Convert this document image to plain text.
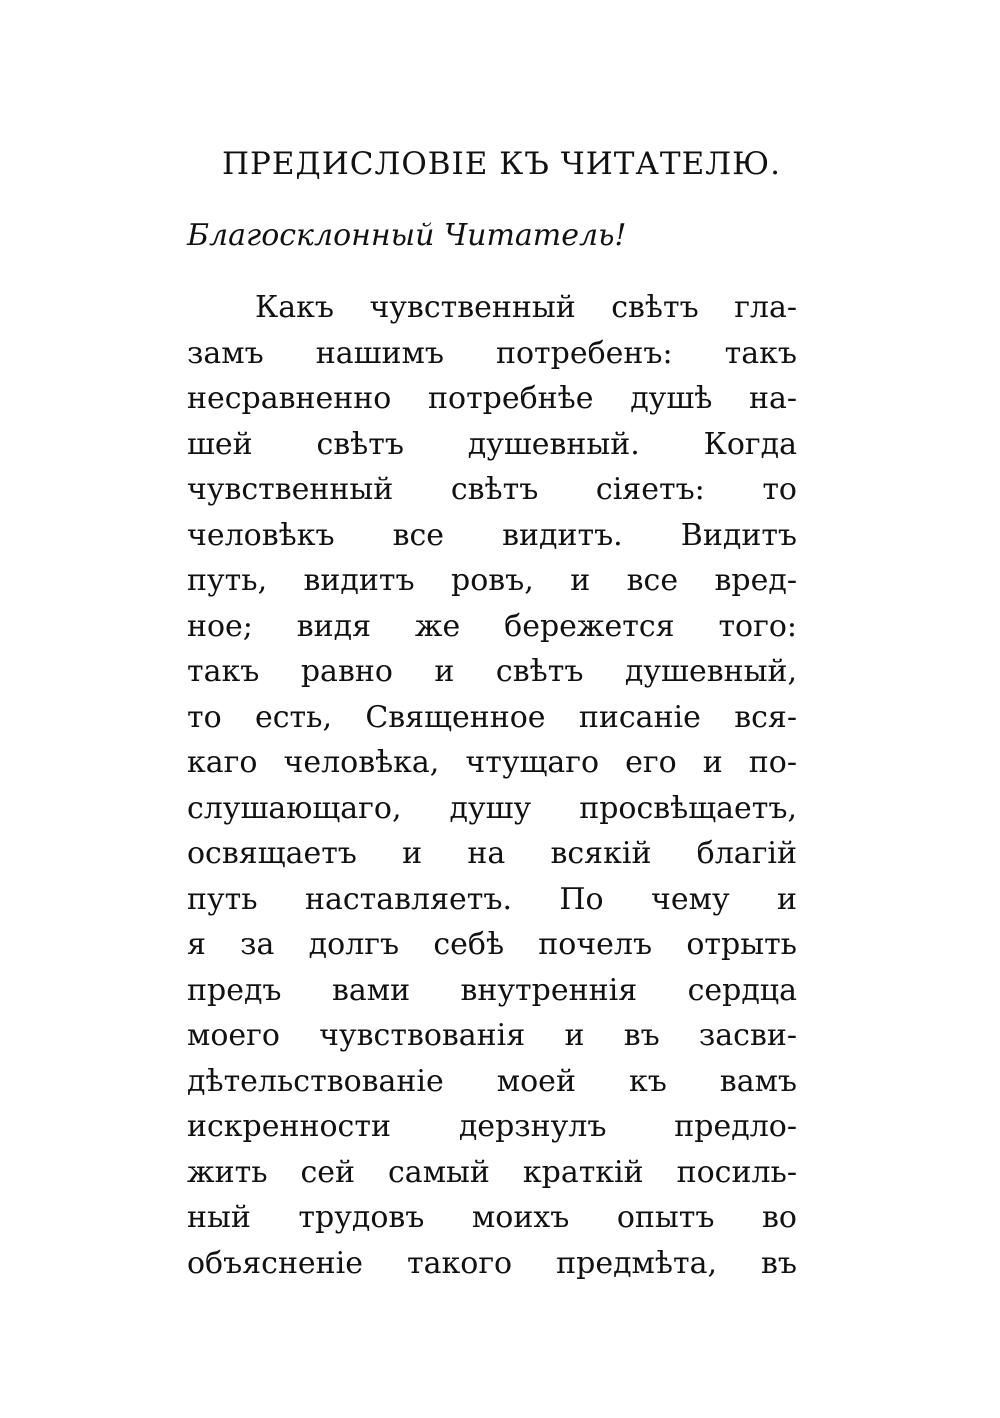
ПРЕДИСЛОВIЕ КЪ ЧИТАТЕЛЮ.
Благосклонный Читатель!
Какъ чувственный свѣтъ гла-
замъ нашимъ потребенъ: такъ
несравненно потребнѣе душѣ на-
шей свѣтъ душевный. Когда
чувственный свѣтъ сiяетъ: то
человѣкъ все видитъ. Видитъ
путь, видитъ ровъ, и все вред-
ное; видя же бережется того:
такъ равно и свѣтъ душевный,
то есть, Священное писанiе вся-
каго человѣка, чтущаго его и по-
слушающаго, душу просвѣщаетъ,
освящаетъ и на всякiй благiй
путь наставляетъ. По чему и
я за долгъ себѣ почелъ отрыть
предъ вами внутреннiя сердца
моего чувствованiя и въ засви-
дѣтельствованiе моей къ вамъ
искренности дерзнулъ предло-
жить сей самый краткiй посиль-
ный трудовъ моихъ опытъ во
объясненiе такого предмѣта, въ
